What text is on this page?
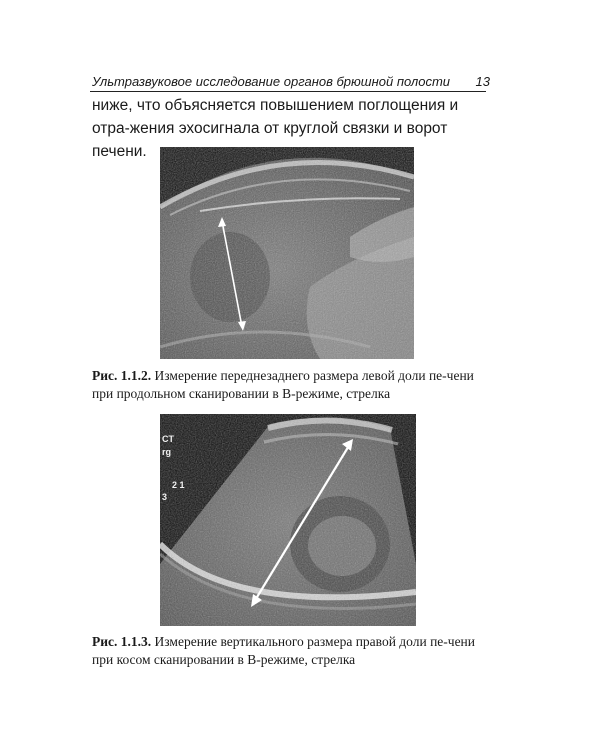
Ультразвуковое исследование органов брюшной полости 13

ниже, что объясняется повышением поглощения и отра-жения эхосигнала от круглой связки и ворот печени.

Рис. 1.1.2. Измерение переднезаднего размера левой доли пе-чени при продольном сканировании в В-режиме, стрелка

CT
rg
2 1
3

Рис. 1.1.3. Измерение вертикального размера правой доли пе-чени при косом сканировании в В-режиме, стрелка
